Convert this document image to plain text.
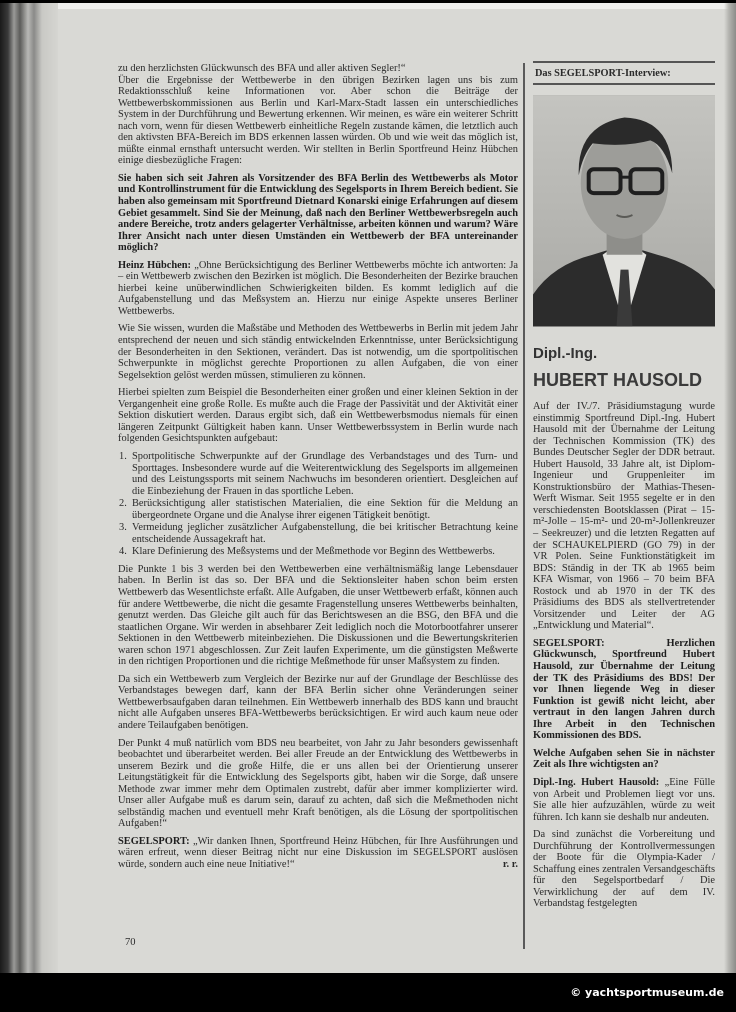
zu den herzlichsten Glückwunsch des BFA und aller aktiven Segler!“

Über die Ergebnisse der Wettbewerbe in den übrigen Bezirken lagen uns bis zum Redaktionsschluß keine Informationen vor. Aber schon die Beiträge der Wettbewerbskommissionen aus Berlin und Karl-Marx-Stadt lassen ein unterschiedliches System in der Durchführung und Bewertung erkennen. Wir meinen, es wäre ein weiterer Schritt nach vorn, wenn für diesen Wettbewerb einheitliche Regeln zustande kämen, die letztlich auch den aktivsten BFA-Bereich im BDS erkennen lassen würden. Ob und wie weit das möglich ist, müßte einmal ernsthaft untersucht werden. Wir stellten in Berlin Sportfreund Heinz Hübchen einige diesbezügliche Fragen:

Sie haben sich seit Jahren als Vorsitzender des BFA Berlin des Wettbewerbs als Motor und Kontrollinstrument für die Entwicklung des Segelsports in Ihrem Bereich bedient. Sie haben also gemeinsam mit Sportfreund Dietnard Konarski einige Erfahrungen auf diesem Gebiet gesammelt. Sind Sie der Meinung, daß nach den Berliner Wettbewerbsregeln auch andere Bereiche, trotz anders gelagerter Verhältnisse, arbeiten können und warum? Wäre Ihrer Ansicht nach unter diesen Umständen ein Wettbewerb der BFA untereinander möglich?

Heinz Hübchen: „Ohne Berücksichtigung des Berliner Wettbewerbs möchte ich antworten: Ja – ein Wettbewerb zwischen den Bezirken ist möglich. Die Besonderheiten der Bezirke brauchen hierbei keine unüberwindlichen Schwierigkeiten bilden. Es kommt lediglich auf die Aufgabenstellung und das Meßsystem an. Hierzu nur einige Aspekte unseres Berliner Wettbewerbs.

Wie Sie wissen, wurden die Maßstäbe und Methoden des Wettbewerbs in Berlin mit jedem Jahr entsprechend der neuen und sich ständig entwickelnden Erkenntnisse, unter Berücksichtigung der Besonderheiten in den Sektionen, verändert. Das ist notwendig, um die sportpolitischen Schwerpunkte in möglichst gerechte Proportionen zu allen Aufgaben, die von einer Segelsektion gelöst werden müssen, stimulieren zu können.

Hierbei spielten zum Beispiel die Besonderheiten einer großen und einer kleinen Sektion in der Vergangenheit eine große Rolle. Es mußte auch die Frage der Passivität und der Aktivität einer Sektion diskutiert werden. Daraus ergibt sich, daß ein Wettbewerbsmodus niemals für einen längeren Zeitpunkt Gültigkeit haben kann. Unser Wettbewerbssystem in Berlin wurde nach folgenden Gesichtspunkten aufgebaut:

1. Sportpolitische Schwerpunkte auf der Grundlage des Verbandstages und des Turn- und Sporttages. Insbesondere wurde auf die Weiterentwicklung des Segelsports im allgemeinen und des Leistungssports mit seinem Nachwuchs im besonderen orientiert. Desgleichen auf die Einbeziehung der Frauen in das sportliche Leben.
2. Berücksichtigung aller statistischen Materialien, die eine Sektion für die Meldung an übergeordnete Organe und die Analyse ihrer eigenen Tätigkeit benötigt.
3. Vermeidung jeglicher zusätzlicher Aufgabenstellung, die bei kritischer Betrachtung keine entscheidende Aussagekraft hat.
4. Klare Definierung des Meßsystems und der Meßmethode vor Beginn des Wettbewerbs.

Die Punkte 1 bis 3 werden bei den Wettbewerben eine verhältnismäßig lange Lebensdauer haben. In Berlin ist das so. Der BFA und die Sektionsleiter haben schon beim ersten Wettbewerb das Wesentlichste erfaßt. Alle Aufgaben, die unser Wettbewerb erfaßt, können auch für andere Wettbewerbe, die nicht die gesamte Fragenstellung unseres Wettbewerbs beinhalten, genutzt werden. Das Gleiche gilt auch für das Berichtswesen an die BSG, den BFA und die staatlichen Organe. Wir werden in absehbarer Zeit lediglich noch die Motorbootfahrer unserer Sektionen in den Wettbewerb miteinbeziehen. Die Diskussionen und die Bewertungskriterien waren schon 1971 abgeschlossen. Zur Zeit laufen Experimente, um die günstigsten Meßwerte in den richtigen Proportionen und die richtige Meßmethode für unser Maßsystem zu finden.

Da sich ein Wettbewerb zum Vergleich der Bezirke nur auf der Grundlage der Beschlüsse des Verbandstages bewegen darf, kann der BFA Berlin sicher ohne Veränderungen seiner Wettbewerbsaufgaben daran teilnehmen. Ein Wettbewerb innerhalb des BDS kann und braucht nicht alle Aufgaben unseres BFA-Wettbewerbs berücksichtigen. Er wird auch kaum neue oder andere Teilaufgaben benötigen.

Der Punkt 4 muß natürlich vom BDS neu bearbeitet, von Jahr zu Jahr besonders gewissenhaft beobachtet und überarbeitet werden. Bei aller Freude an der Entwicklung des Wettbewerbs in unserem Bezirk und die große Hilfe, die er uns allen bei der Orientierung unserer Leitungstätigkeit für die Entwicklung des Segelsports gibt, haben wir die Sorge, daß unsere Methode zwar immer mehr dem Optimalen zustrebt, dafür aber immer komplizierter wird. Unser aller Aufgabe muß es darum sein, darauf zu achten, daß sich die Meßmethoden nicht selbständig machen und eventuell mehr Kraft benötigen, als die Lösung der sportpolitischen Aufgaben!“

SEGELSPORT: „Wir danken Ihnen, Sportfreund Heinz Hübchen, für Ihre Ausführungen und wären erfreut, wenn dieser Beitrag nicht nur eine Diskussion im SEGELSPORT auslösen würde, sondern auch eine neue Initiative!“	r. r.

70
Das SEGELSPORT-Interview:
Dipl.-Ing.
HUBERT HAUSOLD

Auf der IV./7. Präsidiumstagung wurde einstimmig Sportfreund Dipl.-Ing. Hubert Hausold mit der Übernahme der Leitung der Technischen Kommission (TK) des Bundes Deutscher Segler der DDR betraut. Hubert Hausold, 33 Jahre alt, ist Diplom-Ingenieur und Gruppenleiter im Konstruktionsbüro der Mathias-Thesen-Werft Wismar. Seit 1955 segelte er in den verschiedensten Bootsklassen (Pirat – 15-m²-Jolle – 15-m²- und 20-m²-Jollenkreuzer – Seekreuzer) und die letzten Regatten auf der SCHAUKELPIERD (GO 79) in der VR Polen. Seine Funktionstätigkeit im BDS: Ständig in der TK ab 1965 beim KFA Wismar, von 1966 – 70 beim BFA Rostock und ab 1970 in der TK des Präsidiums des BDS als stellvertretender Vorsitzender und Leiter der AG „Entwicklung und Material“.

SEGELSPORT: Herzlichen Glückwunsch, Sportfreund Hubert Hausold, zur Übernahme der Leitung der TK des Präsidiums des BDS! Der vor Ihnen liegende Weg in dieser Funktion ist gewiß nicht leicht, aber vertraut in den langen Jahren durch Ihre Arbeit in den Technischen Kommissionen des BDS.

Welche Aufgaben sehen Sie in nächster Zeit als Ihre wichtigsten an?

Dipl.-Ing. Hubert Hausold: „Eine Fülle von Arbeit und Problemen liegt vor uns. Sie alle hier aufzuzählen, würde zu weit führen. Ich kann sie deshalb nur andeuten.

Da sind zunächst die Vorbereitung und Durchführung der Kontrollvermessungen der Boote für die Olympia-Kader / Schaffung eines zentralen Versandgeschäfts für den Segelsportbedarf / Die Verwirklichung der auf dem IV. Verbandstag festgelegten

© yachtsportmuseum.de
